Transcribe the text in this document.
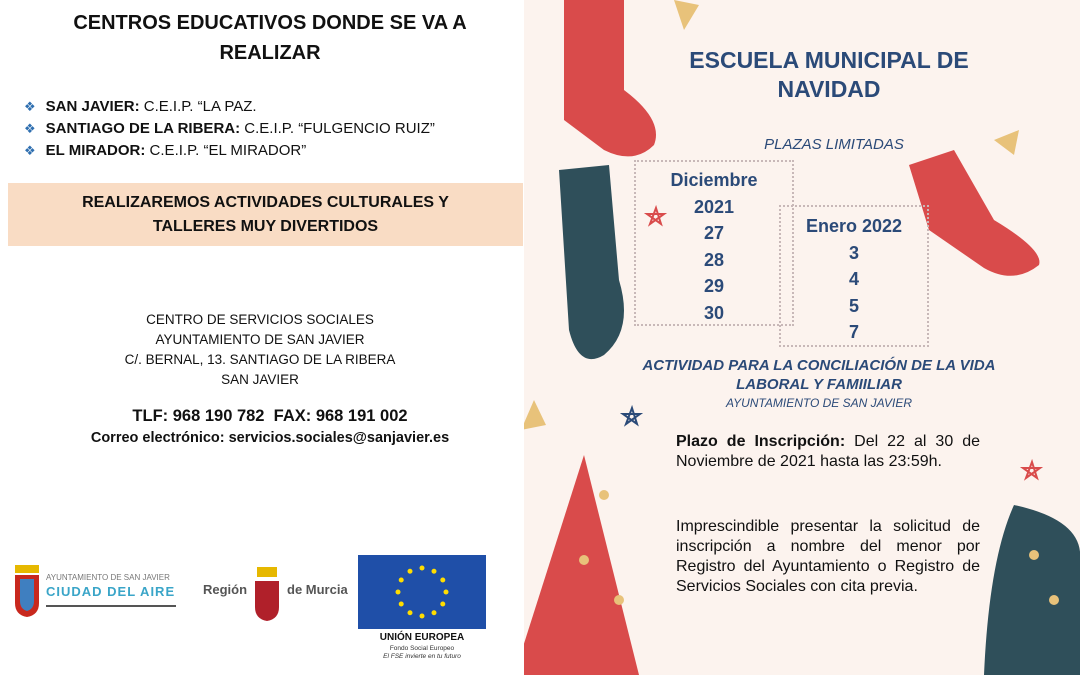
CENTROS EDUCATIVOS DONDE SE VA A REALIZAR
❖ SAN JAVIER: C.E.I.P. “LA PAZ.
❖ SANTIAGO DE LA RIBERA: C.E.I.P. “FULGENCIO RUIZ”
❖ EL MIRADOR: C.E.I.P. “EL MIRADOR”
REALIZAREMOS ACTIVIDADES CULTURALES Y TALLERES MUY DIVERTIDOS
CENTRO DE SERVICIOS SOCIALES
AYUNTAMIENTO DE SAN JAVIER
C/. BERNAL, 13. SANTIAGO DE LA RIBERA
SAN JAVIER
TLF: 968 190 782  FAX: 968 191 002
Correo electrónico: servicios.sociales@sanjavier.es
AYUNTAMIENTO DE SAN JAVIER
CIUDAD DEL AIRE Región	de Murcia
UNIÓN EUROPEA
Fondo Social Europeo
El FSE invierte en tu futuro
ESCUELA MUNICIPAL DE NAVIDAD
PLAZAS LIMITADAS
Diciembre
2021
27
28
29
30
Enero 2022
3
4
5
7
ACTIVIDAD PARA LA CONCILIACIÓN DE LA VIDA LABORAL Y FAMIILIAR
AYUNTAMIENTO DE SAN JAVIER
Plazo de Inscripción: Del 22 al 30 de Noviembre de 2021 hasta las 23:59h.
Imprescindible presentar la solicitud de inscripción a nombre del menor por Registro del Ayuntamiento o Registro de Servicios Sociales con cita previa.
